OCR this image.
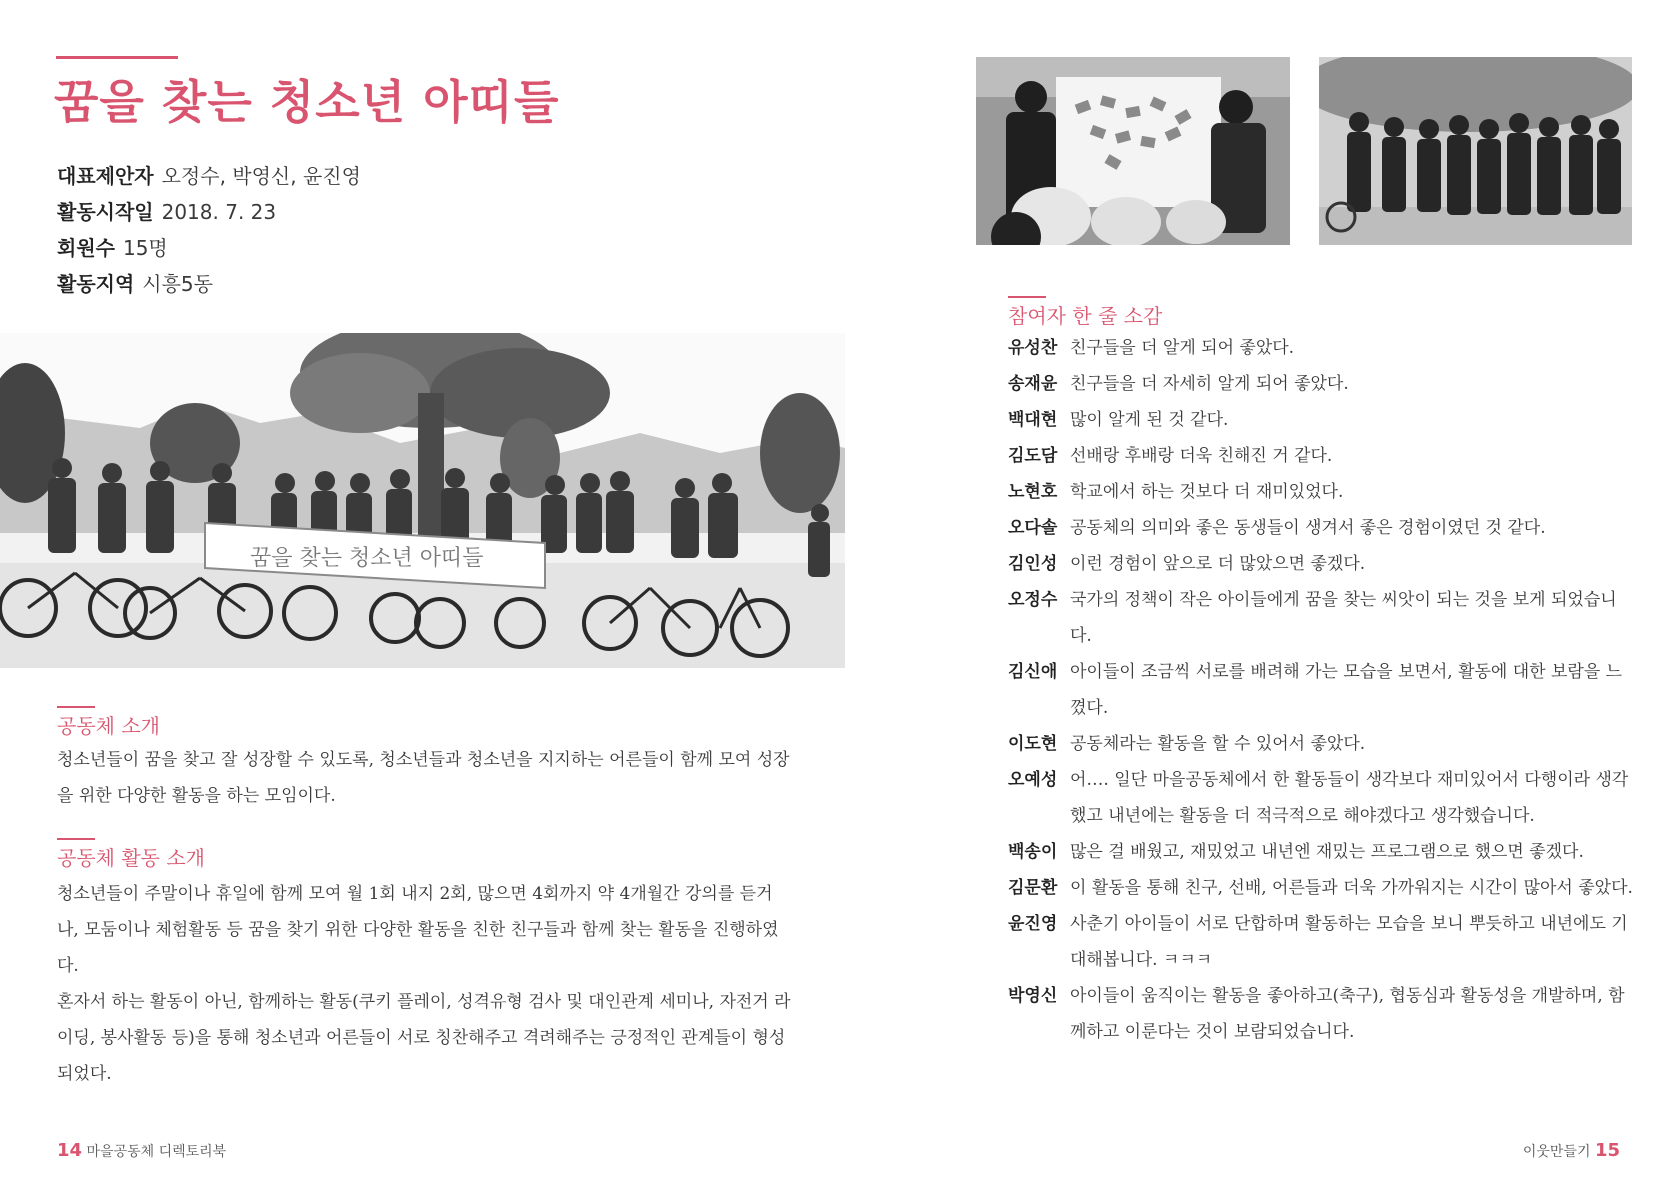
꿈을 찾는 청소년 아띠들
대표제안자 오정수, 박영신, 윤진영
활동시작일 2018. 7. 23
회원수 15명
활동지역 시흥5동
꿈을 찾는 청소년 아띠들
공동체 소개

청소년들이 꿈을 찾고 잘 성장할 수 있도록, 청소년들과 청소년을 지지하는 어른들이 함께 모여 성장을 위한 다양한 활동을 하는 모임이다.

공동체 활동 소개

청소년들이 주말이나 휴일에 함께 모여 월 1회 내지 2회, 많으면 4회까지 약 4개월간 강의를 듣거나, 모둠이나 체험활동 등 꿈을 찾기 위한 다양한 활동을 친한 친구들과 함께 찾는 활동을 진행하였다.

혼자서 하는 활동이 아닌, 함께하는 활동(쿠키 플레이, 성격유형 검사 및 대인관계 세미나, 자전거 라이딩, 봉사활동 등)을 통해 청소년과 어른들이 서로 칭찬해주고 격려해주는 긍정적인 관계들이 형성되었다.

14 마을공동체 디렉토리북
참여자 한 줄 소감
유성찬 친구들을 더 알게 되어 좋았다.
송재윤 친구들을 더 자세히 알게 되어 좋았다.
백대현 많이 알게 된 것 같다.
김도담 선배랑 후배랑 더욱 친해진 거 같다.
노현호 학교에서 하는 것보다 더 재미있었다.
오다솔 공동체의 의미와 좋은 동생들이 생겨서 좋은 경험이였던 것 같다.
김인성 이런 경험이 앞으로 더 많았으면 좋겠다.
오정수 국가의 정책이 작은 아이들에게 꿈을 찾는 씨앗이 되는 것을 보게 되었습니다.
김신애 아이들이 조금씩 서로를 배려해 가는 모습을 보면서, 활동에 대한 보람을 느꼈다.
이도현 공동체라는 활동을 할 수 있어서 좋았다.
오예성 어…. 일단 마을공동체에서 한 활동들이 생각보다 재미있어서 다행이라 생각했고 내년에는 활동을 더 적극적으로 해야겠다고 생각했습니다.
백송이 많은 걸 배웠고, 재밌었고 내년엔 재밌는 프로그램으로 했으면 좋겠다.
김문환 이 활동을 통해 친구, 선배, 어른들과 더욱 가까워지는 시간이 많아서 좋았다.
윤진영 사춘기 아이들이 서로 단합하며 활동하는 모습을 보니 뿌듯하고 내년에도 기대해봅니다. ㅋㅋㅋ
박영신 아이들이 움직이는 활동을 좋아하고(축구), 협동심과 활동성을 개발하며, 함께하고 이룬다는 것이 보람되었습니다.
이웃만들기 15
